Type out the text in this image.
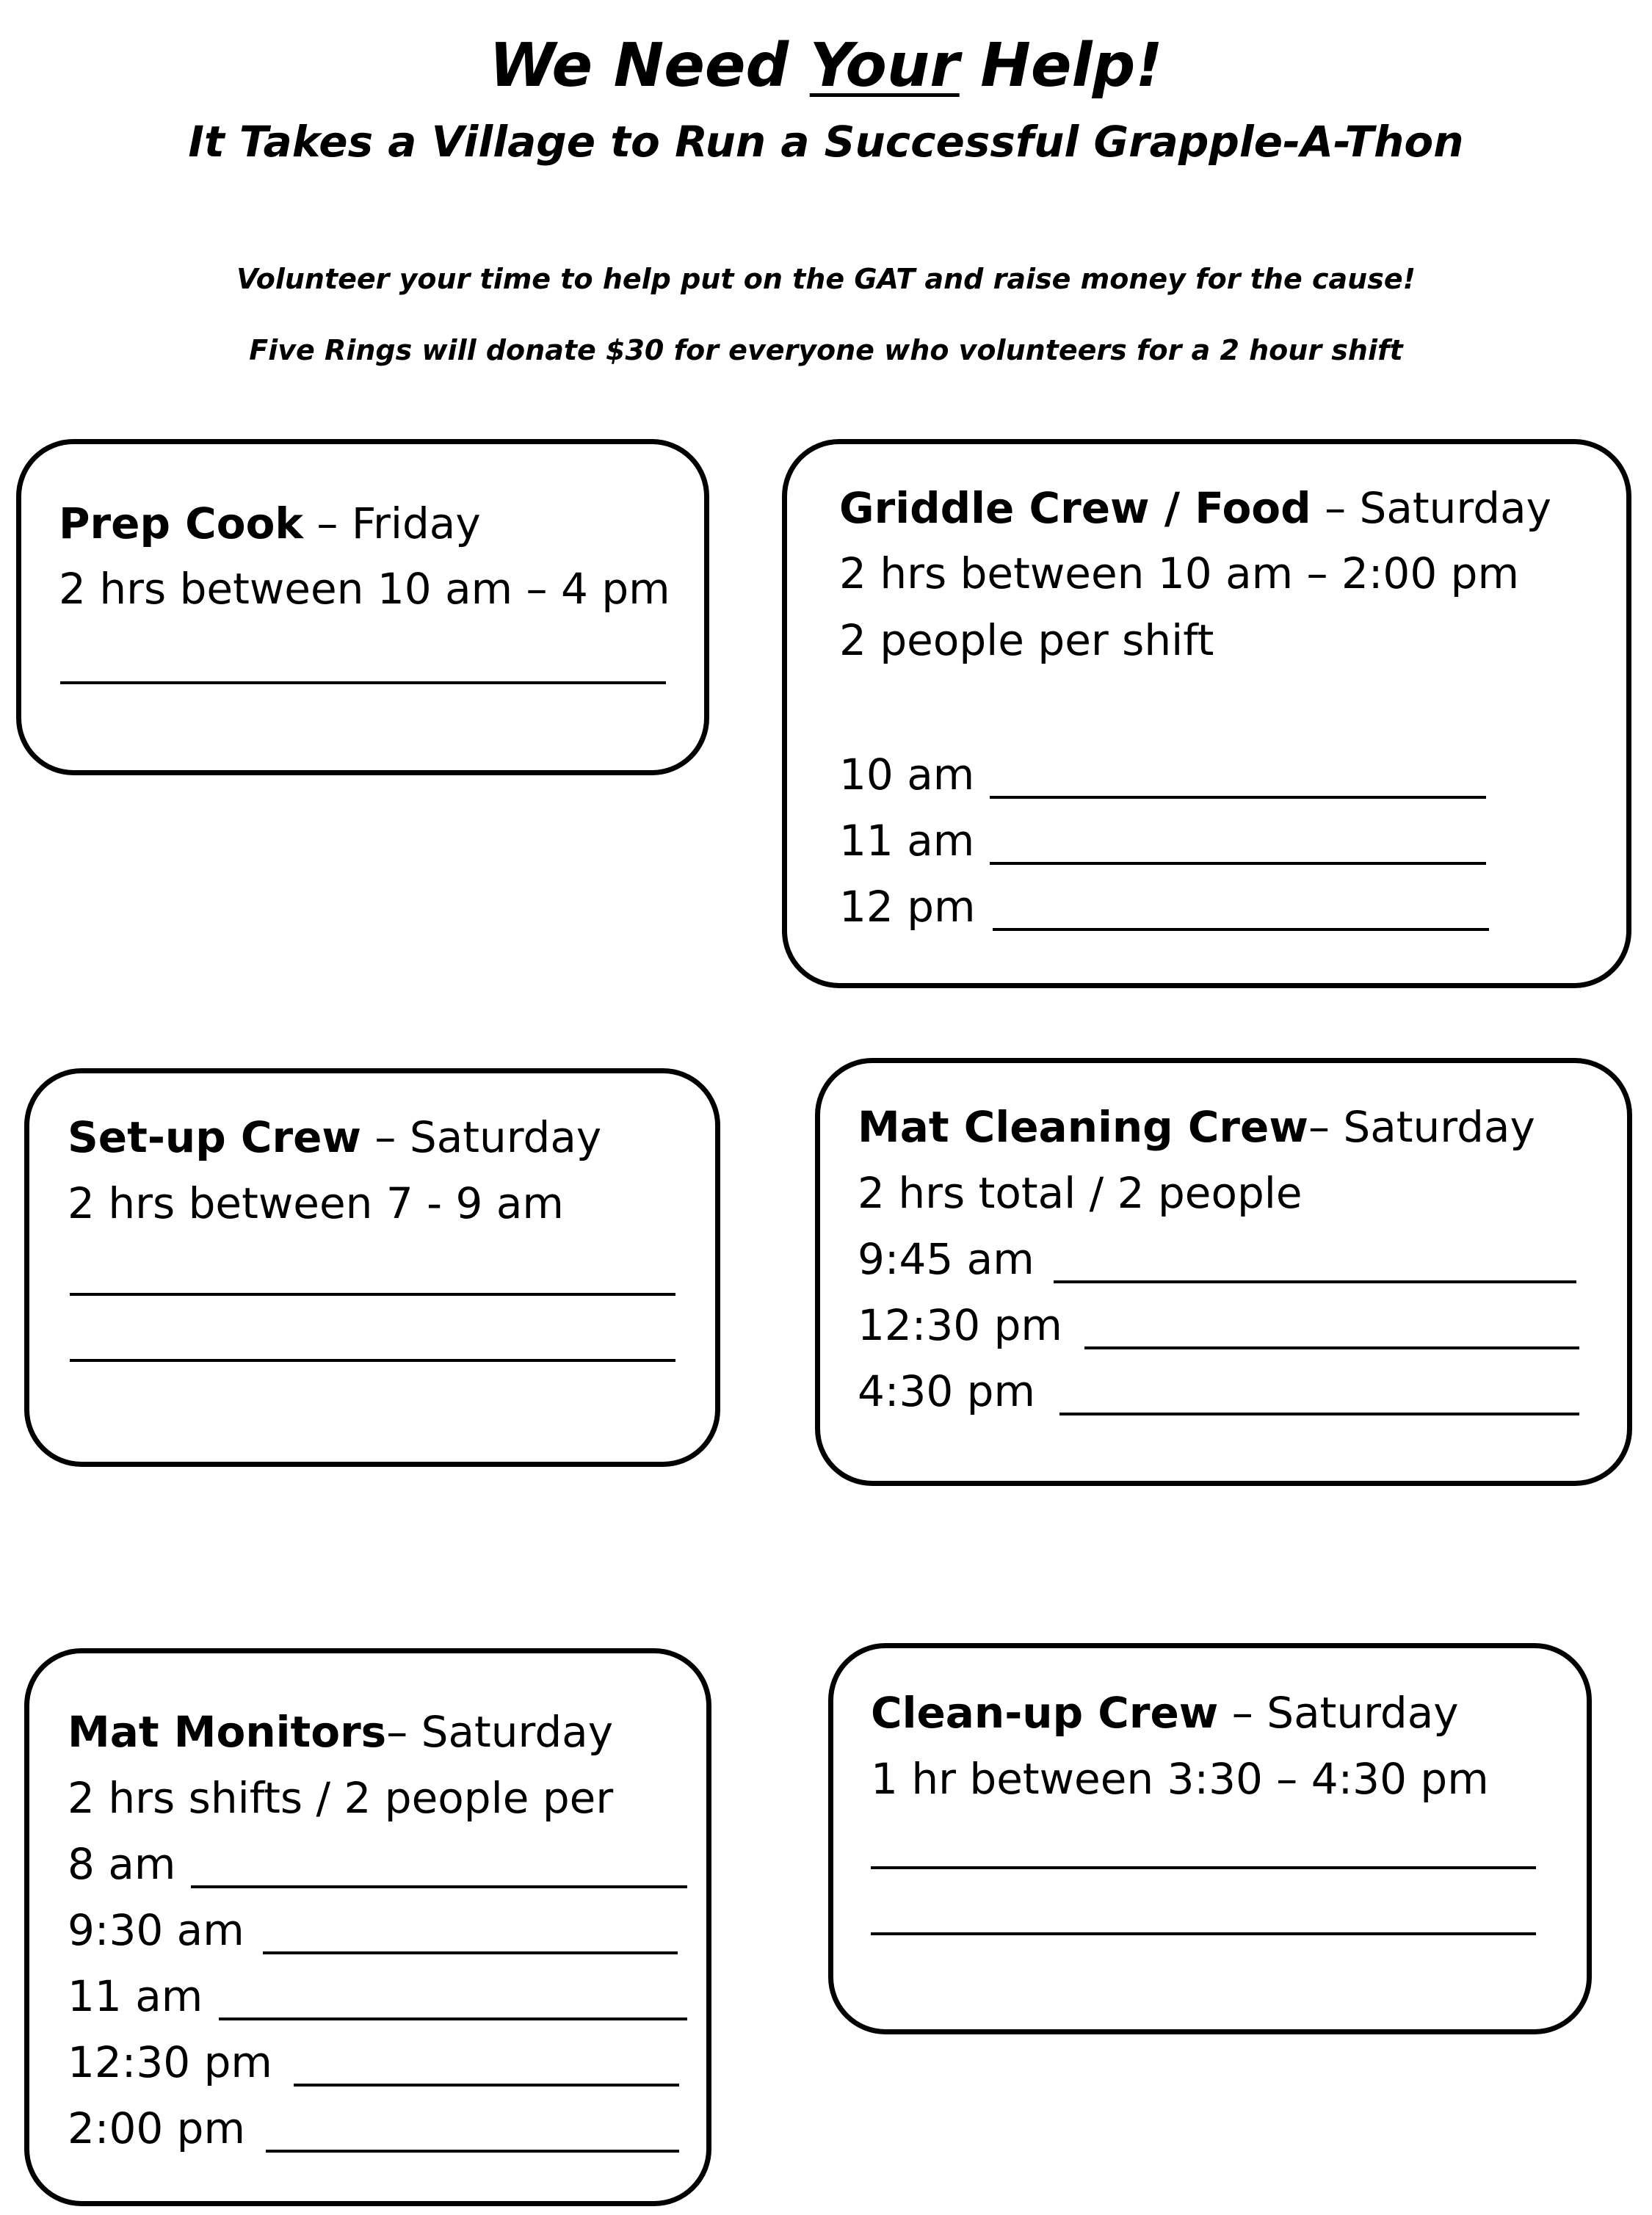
We Need Your Help!
It Takes a Village to Run a Successful Grapple-A-Thon
Volunteer your time to help put on the GAT and raise money for the cause!
Five Rings will donate $30 for everyone who volunteers for a 2 hour shift
Prep Cook – Friday
2 hrs between 10 am – 4 pm
Griddle Crew / Food – Saturday
2 hrs between 10 am – 2:00 pm
2 people per shift
10 am
11 am
12 pm
Set-up Crew – Saturday
2 hrs between 7 - 9 am
Mat Cleaning Crew– Saturday
2 hrs total / 2 people
9:45 am
12:30 pm
4:30 pm
Mat Monitors– Saturday
2 hrs shifts / 2 people per
8 am
9:30 am
11 am
12:30 pm
2:00 pm
Clean-up Crew – Saturday
1 hr between 3:30 – 4:30 pm
